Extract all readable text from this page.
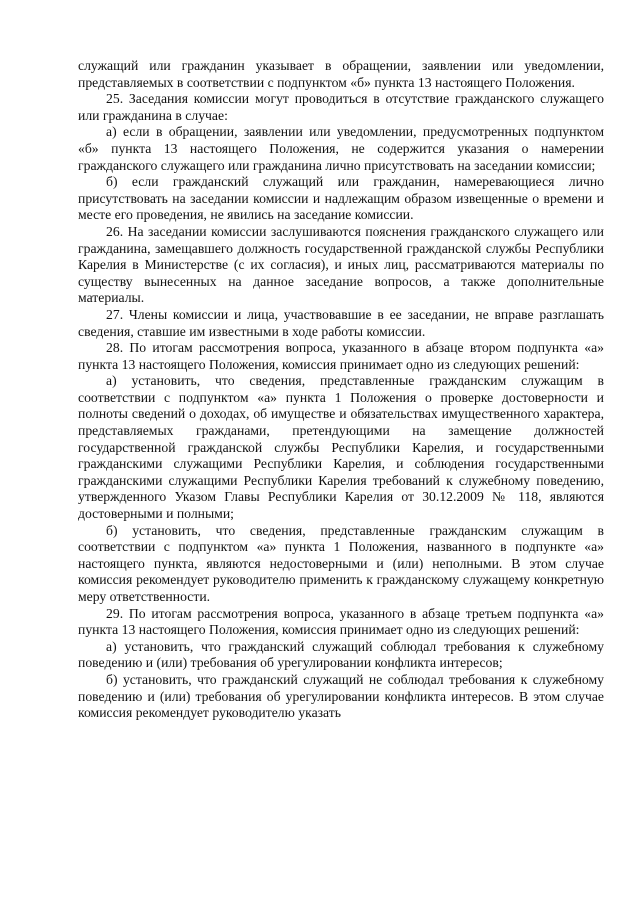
служащий или гражданин указывает в обращении, заявлении или уведомлении, представляемых в соответствии с подпунктом «б» пункта 13 настоящего Положения.

25. Заседания комиссии могут проводиться в отсутствие гражданского служащего или гражданина в случае:

а) если в обращении, заявлении или уведомлении, предусмотренных подпунктом «б» пункта 13 настоящего Положения, не содержится указания о намерении гражданского служащего или гражданина лично присутствовать на заседании комиссии;

б) если гражданский служащий или гражданин, намеревающиеся лично присутствовать на заседании комиссии и надлежащим образом извещенные о времени и месте его проведения, не явились на заседание комиссии.

26. На заседании комиссии заслушиваются пояснения гражданского служащего или гражданина, замещавшего должность государственной гражданской службы Республики Карелия в Министерстве (с их согласия), и иных лиц, рассматриваются материалы по существу вынесенных на данное заседание вопросов, а также дополнительные материалы.

27. Члены комиссии и лица, участвовавшие в ее заседании, не вправе разглашать сведения, ставшие им известными в ходе работы комиссии.

28. По итогам рассмотрения вопроса, указанного в абзаце втором подпункта «а» пункта 13 настоящего Положения, комиссия принимает одно из следующих решений:

а) установить, что сведения, представленные гражданским служащим в соответствии с подпунктом «а» пункта 1 Положения о проверке достоверности и полноты сведений о доходах, об имуществе и обязательствах имущественного характера, представляемых гражданами, претендующими на замещение должностей государственной гражданской службы Республики Карелия, и государственными гражданскими служащими Республики Карелия, и соблюдения государственными гражданскими служащими Республики Карелия требований к служебному поведению, утвержденного Указом Главы Республики Карелия от 30.12.2009 № 118, являются достоверными и полными;

б) установить, что сведения, представленные гражданским служащим в соответствии с подпунктом «а» пункта 1 Положения, названного в подпункте «а» настоящего пункта, являются недостоверными и (или) неполными. В этом случае комиссия рекомендует руководителю применить к гражданскому служащему конкретную меру ответственности.

29. По итогам рассмотрения вопроса, указанного в абзаце третьем подпункта «а» пункта 13 настоящего Положения, комиссия принимает одно из следующих решений:

а) установить, что гражданский служащий соблюдал требования к служебному поведению и (или) требования об урегулировании конфликта интересов;

б) установить, что гражданский служащий не соблюдал требования к служебному поведению и (или) требования об урегулировании конфликта интересов. В этом случае комиссия рекомендует руководителю указать
